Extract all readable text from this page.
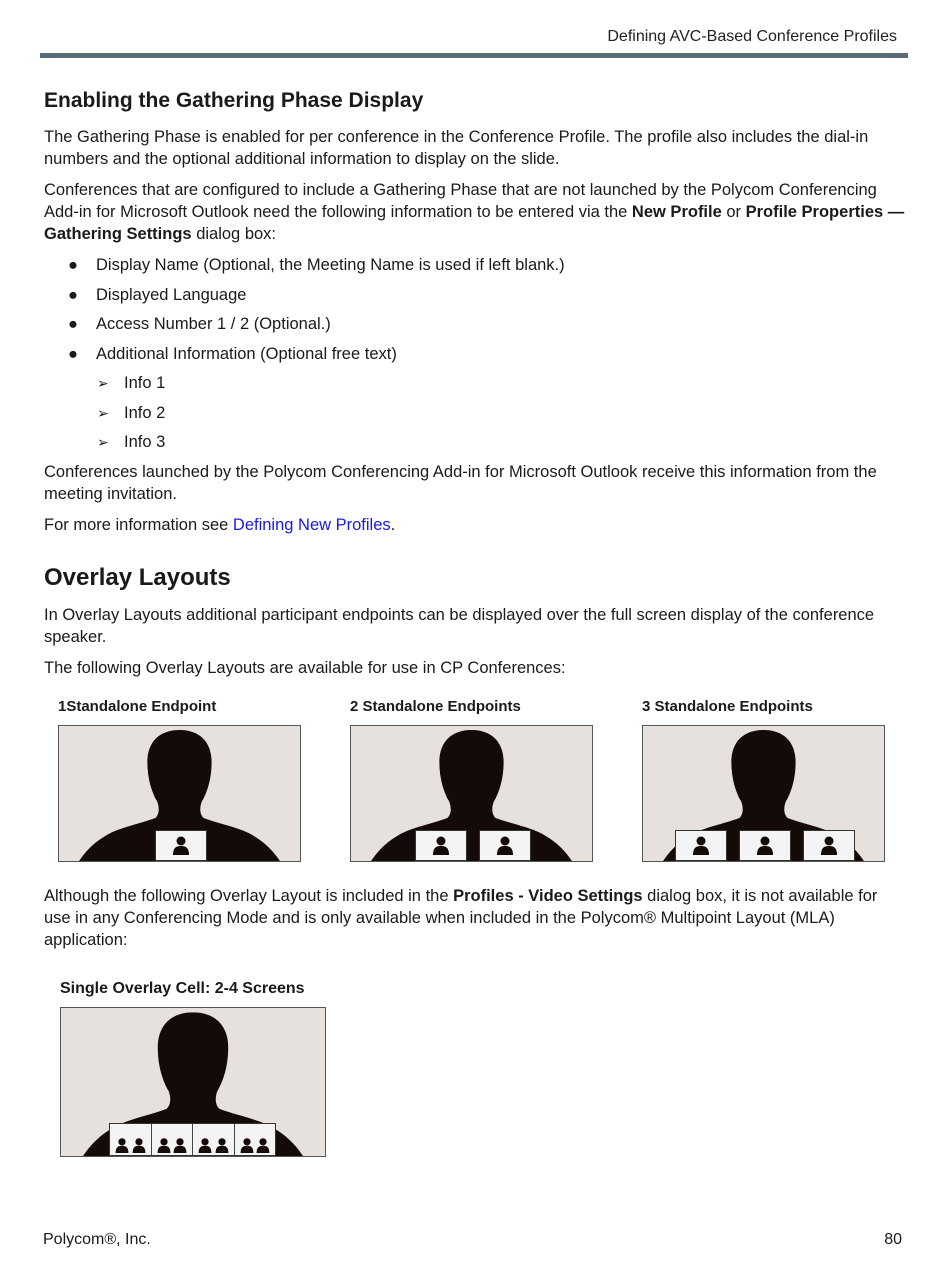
Defining AVC-Based Conference Profiles
Enabling the Gathering Phase Display

The Gathering Phase is enabled for per conference in the Conference Profile. The profile also includes the dial-in numbers and the optional additional information to display on the slide.

Conferences that are configured to include a Gathering Phase that are not launched by the Polycom Conferencing Add-in for Microsoft Outlook need the following information to be entered via the New Profile or Profile Properties — Gathering Settings dialog box:

● Display Name (Optional, the Meeting Name is used if left blank.)
● Displayed Language
● Access Number 1 / 2 (Optional.)
● Additional Information (Optional free text)
➢ Info 1
➢ Info 2
➢ Info 3

Conferences launched by the Polycom Conferencing Add-in for Microsoft Outlook receive this information from the meeting invitation.

For more information see Defining New Profiles.

Overlay Layouts

In Overlay Layouts additional participant endpoints can be displayed over the full screen display of the conference speaker.

The following Overlay Layouts are available for use in CP Conferences:

1Standalone Endpoint	2 Standalone Endpoints	3 Standalone Endpoints

Although the following Overlay Layout is included in the Profiles - Video Settings dialog box, it is not available for use in any Conferencing Mode and is only available when included in the Polycom® Multipoint Layout (MLA) application:

Single Overlay Cell: 2-4 Screens
Polycom®, Inc.	80
